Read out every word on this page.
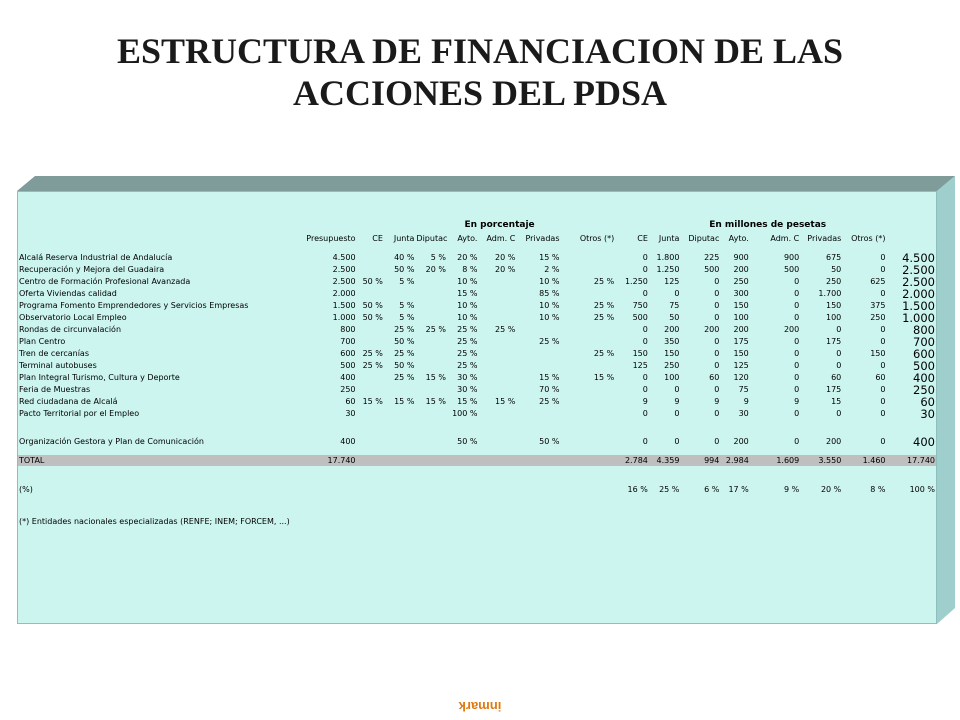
ESTRUCTURA DE FINANCIACION DE LAS
ACCIONES DEL PDSA
			En porcentaje							En millones de pesetas						
	Presupuesto	CE	Junta	Diputac	Ayto.	Adm. C	Privadas	Otros (*)	CE	Junta	Diputac	Ayto.	Adm. C	Privadas	Otros (*)	

Alcalá Reserva Industrial de Andalucía	4.500		40 %	5 %	20 %	20 %	15 %		0	1.800	225	900	900	675	0	4.500
Recuperación y Mejora del Guadaira	2.500		50 %	20 %	8 %	20 %	2 %		0	1.250	500	200	500	50	0	2.500
Centro de Formación Profesional Avanzada	2.500	50 %	5 %		10 %		10 %	25 %	1.250	125	0	250	0	250	625	2.500
Oferta Viviendas calidad	2.000				15 %		85 %		0	0	0	300	0	1.700	0	2.000
Programa Fomento Emprendedores y Servicios Empresas	1.500	50 %	5 %		10 %		10 %	25 %	750	75	0	150	0	150	375	1.500
Observatorio Local Empleo	1.000	50 %	5 %		10 %		10 %	25 %	500	50	0	100	0	100	250	1.000
Rondas de circunvalación	800		25 %	25 %	25 %	25 %			0	200	200	200	200	0	0	800
Plan Centro	700		50 %		25 %		25 %		0	350	0	175	0	175	0	700
Tren de cercanías	600	25 %	25 %		25 %			25 %	150	150	0	150	0	0	150	600
Terminal autobuses	500	25 %	50 %		25 %				125	250	0	125	0	0	0	500
Plan Integral Turismo, Cultura y Deporte	400		25 %	15 %	30 %		15 %	15 %	0	100	60	120	0	60	60	400
Feria de Muestras	250				30 %		70 %		0	0	0	75	0	175	0	250
Red ciudadana de Alcalá	60	15 %	15 %	15 %	15 %	15 %	25 %		9	9	9	9	9	15	0	60
Pacto Territorial por el Empleo	30				100 %				0	0	0	30	0	0	0	30

Organización Gestora y Plan de Comunicación	400				50 %		50 %		0	0	0	200	0	200	0	400

TOTAL	17.740								2.784	4.359	994	2.984	1.609	3.550	1.460	17.740

(%)									16 %	25 %	6 %	17 %	9 %	20 %	8 %	100 %

(*) Entidades nacionales especializadas (RENFE; INEM; FORCEM, ...)																
inmark
